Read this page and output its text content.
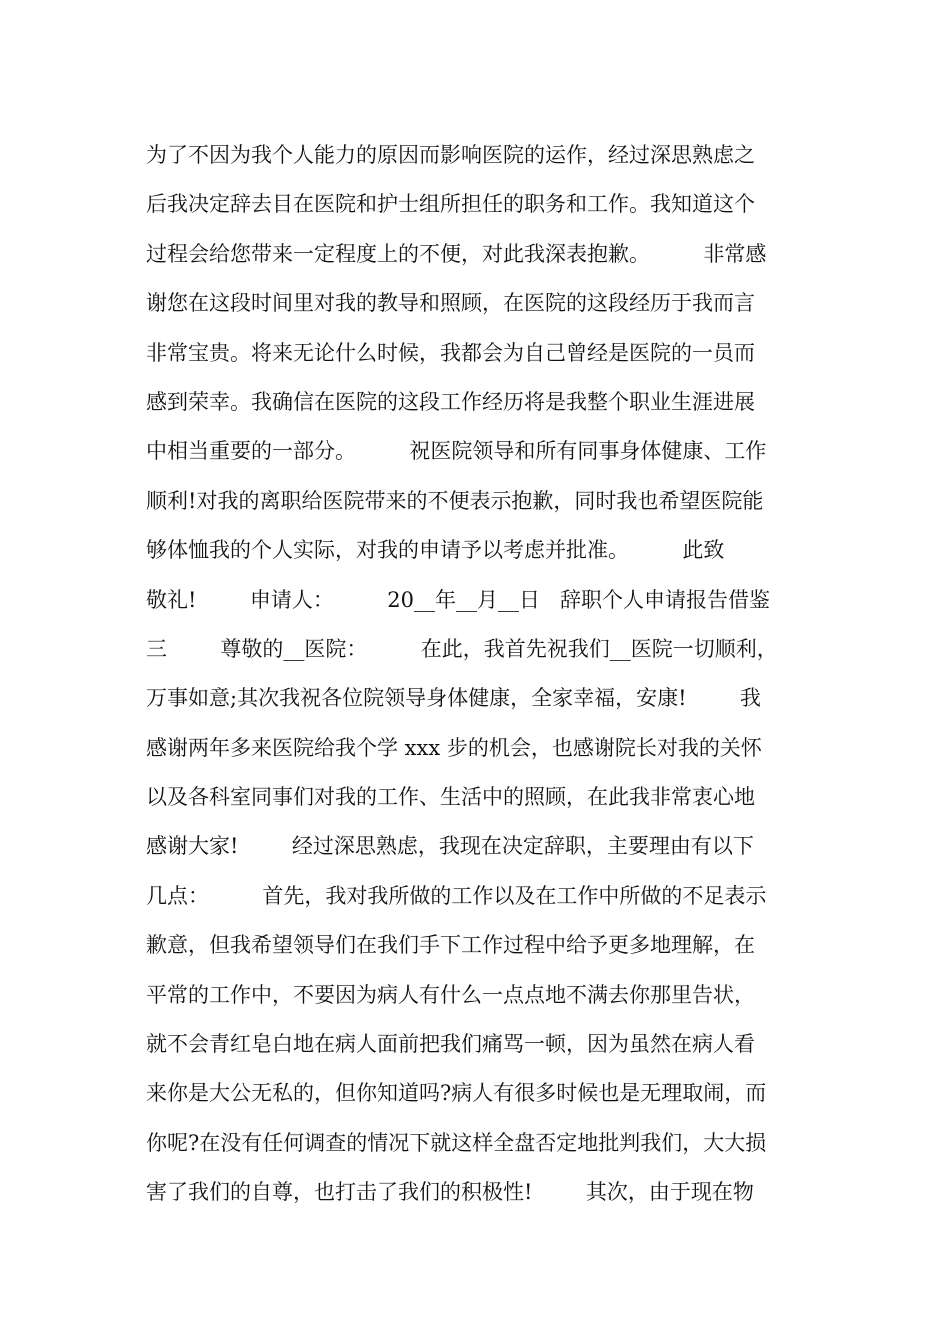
为了不因为我个人能力的原因而影响医院的运作，经过深思熟虑之
后我决定辞去目在医院和护士组所担任的职务和工作。我知道这个
过程会给您带来一定程度上的不便，对此我深表抱歉。        非常感
谢您在这段时间里对我的教导和照顾，在医院的这段经历于我而言
非常宝贵。将来无论什么时候，我都会为自己曾经是医院的一员而
感到荣幸。我确信在医院的这段工作经历将是我整个职业生涯进展
中相当重要的一部分。        祝医院领导和所有同事身体健康、工作
顺利!对我的离职给医院带来的不便表示抱歉，同时我也希望医院能
够体恤我的个人实际，对我的申请予以考虑并批准。        此致
敬礼!        申请人：        20__年__月__日   辞职个人申请报告借鉴
三        尊敬的__医院：        在此，我首先祝我们__医院一切顺利，
万事如意;其次我祝各位院领导身体健康，全家幸福，安康!        我
感谢两年多来医院给我个学 xxx 步的机会，也感谢院长对我的关怀
以及各科室同事们对我的工作、生活中的照顾，在此我非常衷心地
感谢大家!        经过深思熟虑，我现在决定辞职，主要理由有以下
几点：        首先，我对我所做的工作以及在工作中所做的不足表示
歉意，但我希望领导们在我们手下工作过程中给予更多地理解，在
平常的工作中，不要因为病人有什么一点点地不满去你那里告状，
就不会青红皂白地在病人面前把我们痛骂一顿，因为虽然在病人看
来你是大公无私的，但你知道吗?病人有很多时候也是无理取闹，而
你呢?在没有任何调查的情况下就这样全盘否定地批判我们，大大损
害了我们的自尊，也打击了我们的积极性!        其次，由于现在物
